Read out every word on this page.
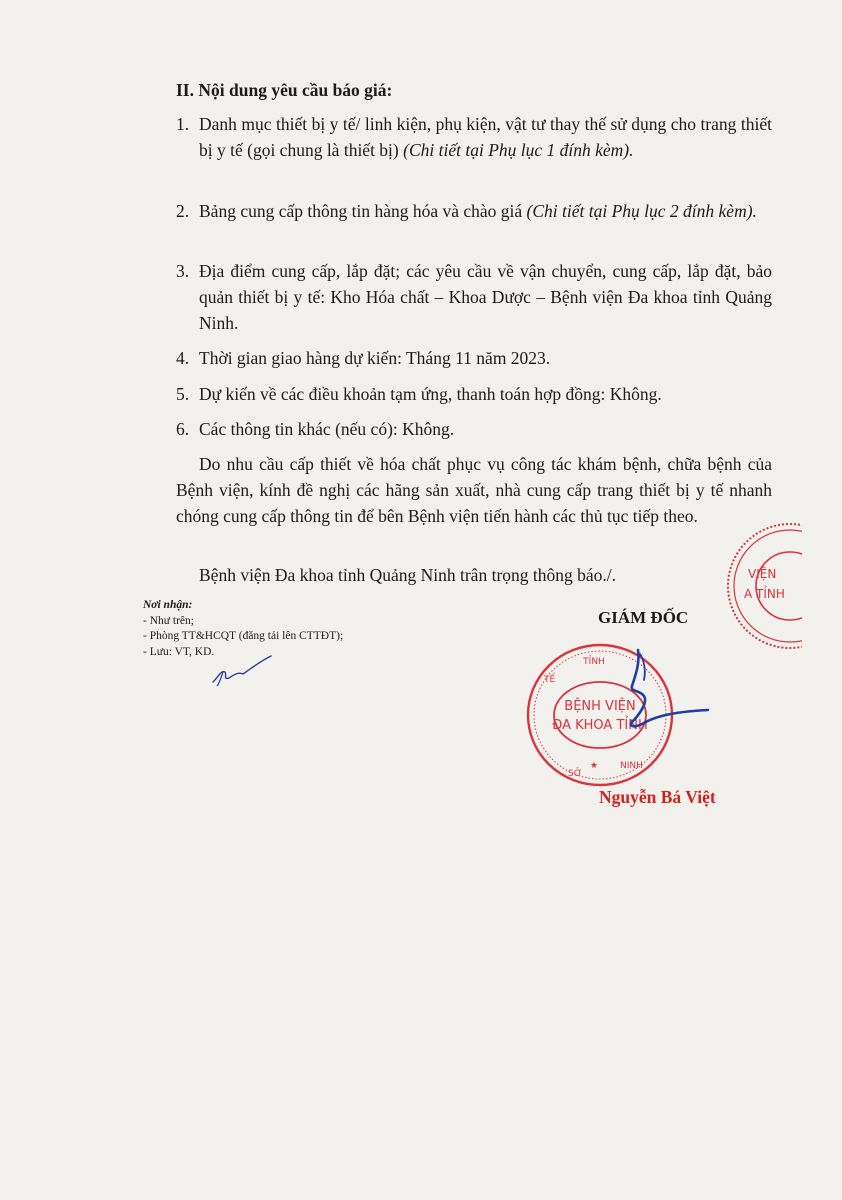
II. Nội dung yêu cầu báo giá:
1. Danh mục thiết bị y tế/ linh kiện, phụ kiện, vật tư thay thế sử dụng cho trang thiết bị y tế (gọi chung là thiết bị) (Chi tiết tại Phụ lục 1 đính kèm).
2. Bảng cung cấp thông tin hàng hóa và chào giá (Chi tiết tại Phụ lục 2 đính kèm).
3. Địa điểm cung cấp, lắp đặt; các yêu cầu về vận chuyển, cung cấp, lắp đặt, bảo quản thiết bị y tế: Kho Hóa chất – Khoa Dược – Bệnh viện Đa khoa tỉnh Quảng Ninh.
4. Thời gian giao hàng dự kiến: Tháng 11 năm 2023.
5. Dự kiến về các điều khoản tạm ứng, thanh toán hợp đồng: Không.
6. Các thông tin khác (nếu có): Không.

Do nhu cầu cấp thiết về hóa chất phục vụ công tác khám bệnh, chữa bệnh của Bệnh viện, kính đề nghị các hãng sản xuất, nhà cung cấp trang thiết bị y tế nhanh chóng cung cấp thông tin để bên Bệnh viện tiến hành các thủ tục tiếp theo.

Bệnh viện Đa khoa tỉnh Quảng Ninh trân trọng thông báo./.

Nơi nhận:
- Như trên;
- Phòng TT&HCQT (đăng tải lên CTTĐT);
- Lưu: VT, KD.
GIÁM ĐỐC
VIỆN
A TỈNH
BỆNH VIỆN
ĐA KHOA TỈNH
TỈNH
TẾ
SỞ
NINH
★
Nguyễn Bá Việt
